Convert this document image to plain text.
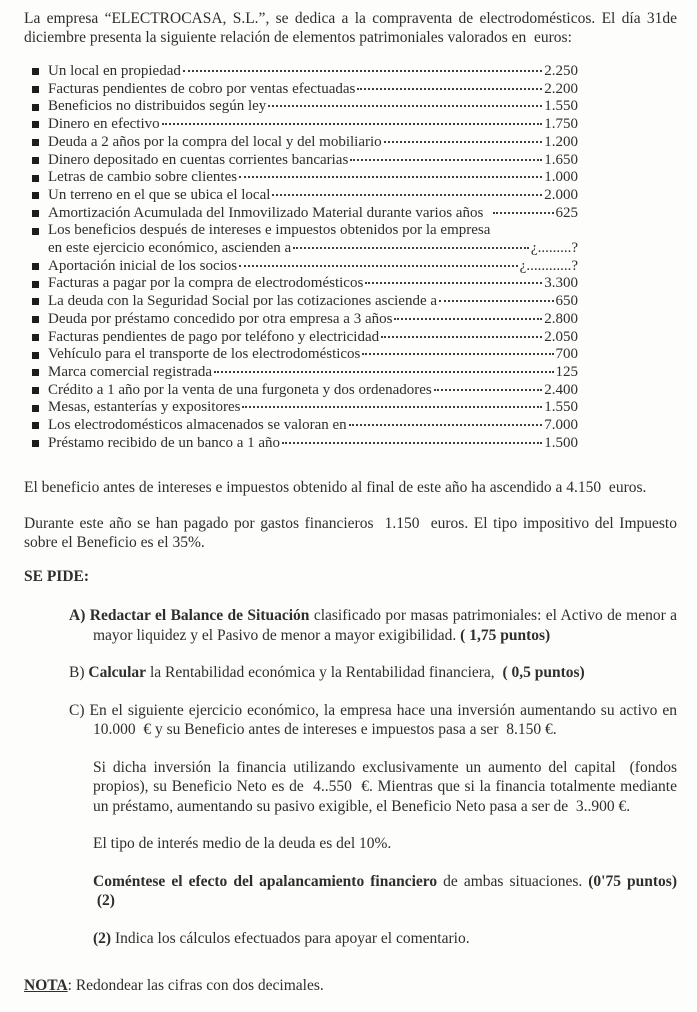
La empresa “ELECTROCASA, S.L.”, se dedica a la compraventa de electrodomésticos. El día 31de diciembre presenta la siguiente relación de elementos patrimoniales valorados en  euros:

Un local en propiedad	2.250
Facturas pendientes de cobro por ventas efectuadas	2.200
Beneficios no distribuidos según ley	1.550
Dinero en efectivo	1.750
Deuda a 2 años por la compra del local y del mobiliario	1.200
Dinero depositado en cuentas corrientes bancarias	1.650
Letras de cambio sobre clientes	1.000
Un terreno en el que se ubica el local	2.000
Amortización Acumulada del Inmovilizado Material durante varios años	625
Los beneficios después de intereses e impuestos obtenidos por la empresa
en este ejercicio económico, ascienden a	¿.........?
Aportación inicial de los socios	¿............?
Facturas a pagar por la compra de electrodomésticos	3.300
La deuda con la Seguridad Social por las cotizaciones asciende a	650
Deuda por préstamo concedido por otra empresa a 3 años	2.800
Facturas pendientes de pago por teléfono y electricidad	2.050
Vehículo para el transporte de los electrodomésticos	700
Marca comercial registrada	125
Crédito a 1 año por la venta de una furgoneta y dos ordenadores	2.400
Mesas, estanterías y expositores	1.550
Los electrodomésticos almacenados se valoran en	7.000
Préstamo recibido de un banco a 1 año	1.500

El beneficio antes de intereses e impuestos obtenido al final de este año ha ascendido a 4.150  euros.

Durante este año se han pagado por gastos financieros  1.150  euros. El tipo impositivo del Impuesto sobre el Beneficio es el 35%.

SE PIDE:

A) Redactar el Balance de Situación clasificado por masas patrimoniales: el Activo de menor a mayor liquidez y el Pasivo de menor a mayor exigibilidad. ( 1,75 puntos)

B) Calcular la Rentabilidad económica y la Rentabilidad financiera,  ( 0,5 puntos)

C) En el siguiente ejercicio económico, la empresa hace una inversión aumentando su activo en 10.000  € y su Beneficio antes de intereses e impuestos pasa a ser  8.150 €.

Si dicha inversión la financia utilizando exclusivamente un aumento del capital  (fondos propios), su Beneficio Neto es de  4..550  €. Mientras que si la financia totalmente mediante un préstamo, aumentando su pasivo exigible, el Beneficio Neto pasa a ser de  3..900 €.

El tipo de interés medio de la deuda es del 10%.

Coméntese el efecto del apalancamiento financiero de ambas situaciones. (0'75 puntos)  (2)

(2) Indica los cálculos efectuados para apoyar el comentario.

NOTA: Redondear las cifras con dos decimales.
